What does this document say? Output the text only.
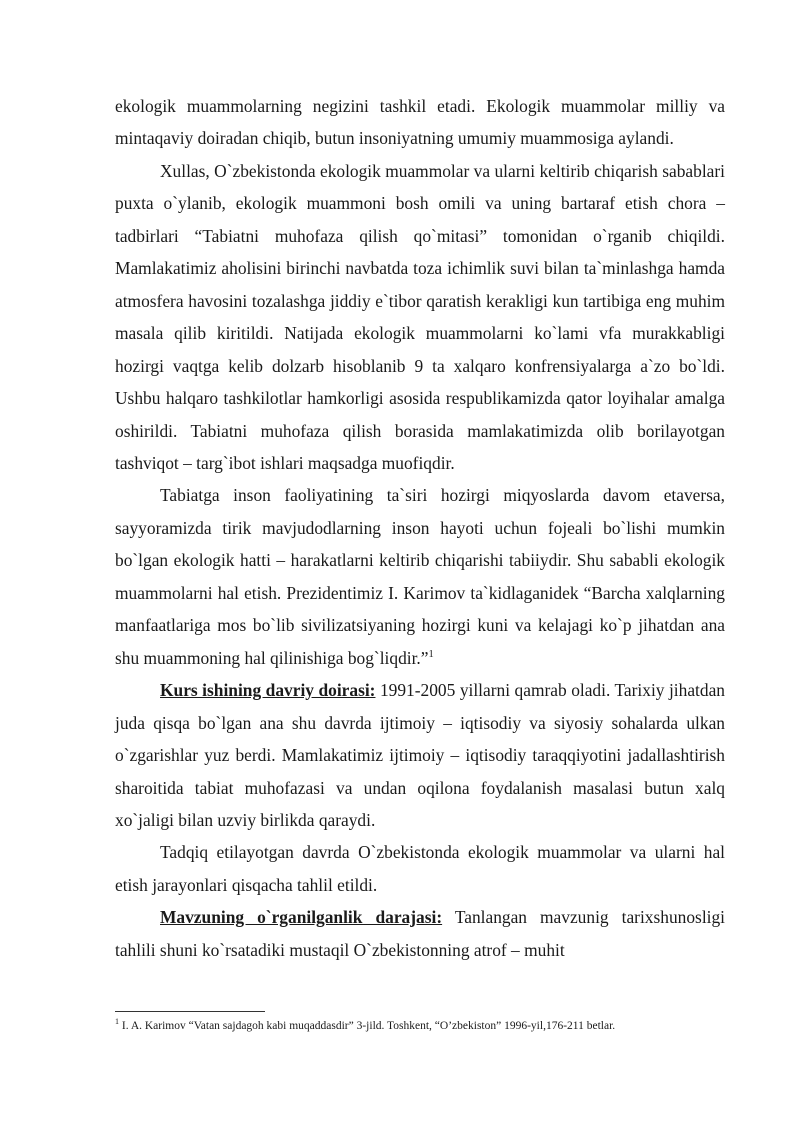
ekologik muammolarning negizini tashkil etadi. Ekologik muammolar milliy va mintaqaviy doiradan chiqib, butun insoniyatning umumiy muammosiga aylandi.

Xullas, O`zbekistonda ekologik muammolar va ularni keltirib chiqarish sabablari puxta o`ylanib, ekologik muammoni bosh omili va uning bartaraf etish chora – tadbirlari “Tabiatni muhofaza qilish qo`mitasi” tomonidan o`rganib chiqildi. Mamlakatimiz aholisini birinchi navbatda toza ichimlik suvi bilan ta`minlashga hamda atmosfera havosini tozalashga jiddiy e`tibor qaratish kerakligi kun tartibiga eng muhim masala qilib kiritildi. Natijada ekologik muammolarni ko`lami vfa murakkabligi hozirgi vaqtga kelib dolzarb hisoblanib 9 ta xalqaro konfrensiyalarga a`zo bo`ldi. Ushbu halqaro tashkilotlar hamkorligi asosida respublikamizda qator loyihalar amalga oshirildi. Tabiatni muhofaza qilish borasida mamlakatimizda olib borilayotgan tashviqot – targ`ibot ishlari maqsadga muofiqdir.

Tabiatga inson faoliyatining ta`siri hozirgi miqyoslarda davom etaversa, sayyoramizda tirik mavjudodlarning inson hayoti uchun fojeali bo`lishi mumkin bo`lgan ekologik hatti – harakatlarni keltirib chiqarishi tabiiydir. Shu sababli ekologik muammolarni hal etish. Prezidentimiz I. Karimov ta`kidlaganidek “Barcha xalqlarning manfaatlariga mos bo`lib sivilizatsiyaning hozirgi kuni va kelajagi ko`p jihatdan ana shu muammoning hal qilinishiga bog`liqdir.”$^1$

Kurs ishining davriy doirasi: 1991-2005 yillarni qamrab oladi. Tarixiy jihatdan juda qisqa bo`lgan ana shu davrda ijtimoiy – iqtisodiy va siyosiy sohalarda ulkan o`zgarishlar yuz berdi. Mamlakatimiz ijtimoiy – iqtisodiy taraqqiyotini jadallashtirish sharoitida tabiat muhofazasi va undan oqilona foydalanish masalasi butun xalq xo`jaligi bilan uzviy birlikda qaraydi.

Tadqiq etilayotgan davrda O`zbekistonda ekologik muammolar va ularni hal etish jarayonlari qisqacha tahlil etildi.

Mavzuning o`rganilganlik darajasi: Tanlangan mavzunig tarixshunosligi tahlili shuni ko`rsatadiki mustaqil O`zbekistonning atrof – muhit

$^1$ I. A. Karimov “Vatan sajdagoh kabi muqaddasdir” 3-jild. Toshkent, “O’zbekiston” 1996-yil,176-211 betlar.
